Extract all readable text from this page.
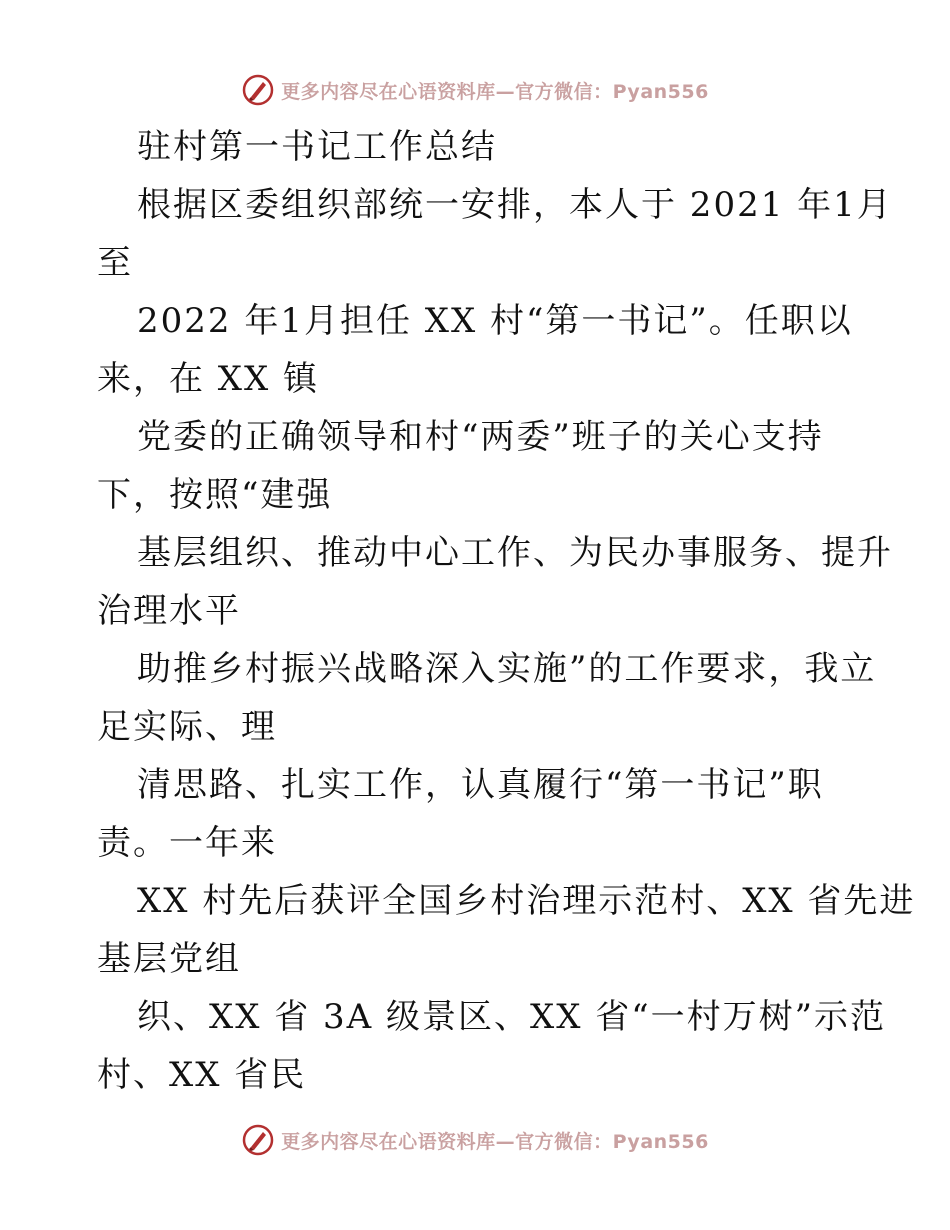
更多内容尽在心语资料库—官方微信：Pyan556
驻村第一书记工作总结
根据区委组织部统一安排，本人于 2021 年1月
至
2022 年1月担任 XX 村“第一书记”。任职以
来，在 XX 镇
党委的正确领导和村“两委”班子的关心支持
下，按照“建强
基层组织、推动中心工作、为民办事服务、提升
治理水平
助推乡村振兴战略深入实施”的工作要求，我立
足实际、理
清思路、扎实工作，认真履行“第一书记”职
责。一年来
XX 村先后获评全国乡村治理示范村、XX 省先进
基层党组
织、XX 省 3A 级景区、XX 省“一村万树”示范
村、XX 省民
更多内容尽在心语资料库—官方微信：Pyan556
